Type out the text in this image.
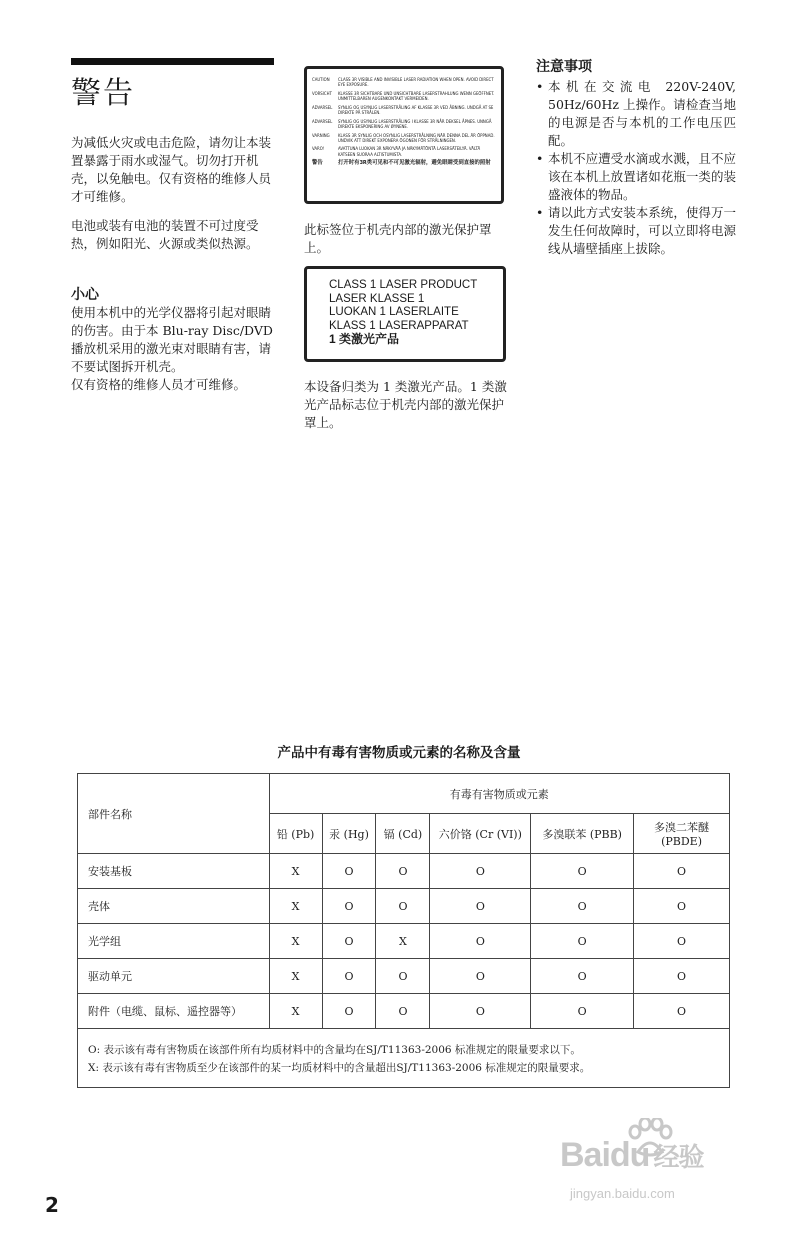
警告

为减低火灾或电击危险，请勿让本装置暴露于雨水或湿气。切勿打开机壳，以免触电。仅有资格的维修人员才可维修。

电池或装有电池的装置不可过度受热，例如阳光、火源或类似热源。

小心

使用本机中的光学仪器将引起对眼睛的伤害。由于本 Blu-ray Disc/DVD 播放机采用的激光束对眼睛有害，请不要试图拆开机壳。

仅有资格的维修人员才可维修。

CAUTION	CLASS 3R VISIBLE AND INVISIBLE LASER RADIATION WHEN OPEN. AVOID DIRECT EYE EXPOSURE.
VORSICHT	KLASSE 3R SICHTBARE UND UNSICHTBARE LASERSTRAHLUNG WENN GEÖFFNET. UNMITTELBAREN AUGENKONTAKT VERMEIDEN.
ADVARSEL	SYNLIG OG USYNLIG LASERSTRÅLING AF KLASSE 3R VED ÅBNING. UNDGÅ AT SE DIREKTE PÅ STRÅLEN.
ADVARSEL	SYNLIG OG USYNLIG LASERSTRÅLING I KLASSE 3R NÅR DEKSEL ÅPNES. UNNGÅ DIREKTE EKSPONERING AV ØYNENE.
VARNING	KLASS 3R SYNLIG OCH OSYNLIG LASERSTRÅLNING NÄR DENNA DEL ÄR ÖPPNAD. UNDVIK ATT DIREKT EXPONERA ÖGONEN FÖR STRÅLNINGEN.
VARO!	AVATTUNA LUOKAN 3R NÄKYVÄÄ JA NÄKYMÄTÖNTÄ LASERSÄTEILYÄ. VÄLTÄ KATSEEN SUORAA ALTISTUMISTA.
警告	打开时有3R类可见和不可见激光辐射，避免眼睛受到直接的照射

此标签位于机壳内部的激光保护罩上。

CLASS 1 LASER PRODUCT
LASER KLASSE 1
LUOKAN 1 LASERLAITE
KLASS 1 LASERAPPARAT
1 类激光产品

本设备归类为 1 类激光产品。1 类激光产品标志位于机壳内部的激光保护罩上。

注意事项
• 本机在交流电 220V-240V, 50Hz/60Hz 上操作。请检查当地的电源是否与本机的工作电压匹配。
• 本机不应遭受水滴或水溅，且不应该在本机上放置诸如花瓶一类的装盛液体的物品。
• 请以此方式安装本系统，使得万一发生任何故障时，可以立即将电源线从墙壁插座上拔除。
产品中有毒有害物质或元素的名称及含量
部件名称	有毒有害物质或元素					
	铅 (Pb)	汞 (Hg)	镉 (Cd)	六价铬 (Cr (VI))	多溴联苯 (PBB)	多溴二苯醚 (PBDE)
安装基板	X	O	O	O	O	O
壳体	X	O	O	O	O	O
光学组	X	O	X	O	O	O
驱动单元	X	O	O	O	O	O
附件（电缆、鼠标、遥控器等）	X	O	O	O	O	O

O: 表示该有毒有害物质在该部件所有均质材料中的含量均在SJ/T11363-2006 标准规定的限量要求以下。
X: 表示该有毒有害物质至少在该部件的某一均质材料中的含量超出SJ/T11363-2006 标准规定的限量要求。						
2
Baidu 经验
jingyan.baidu.com
